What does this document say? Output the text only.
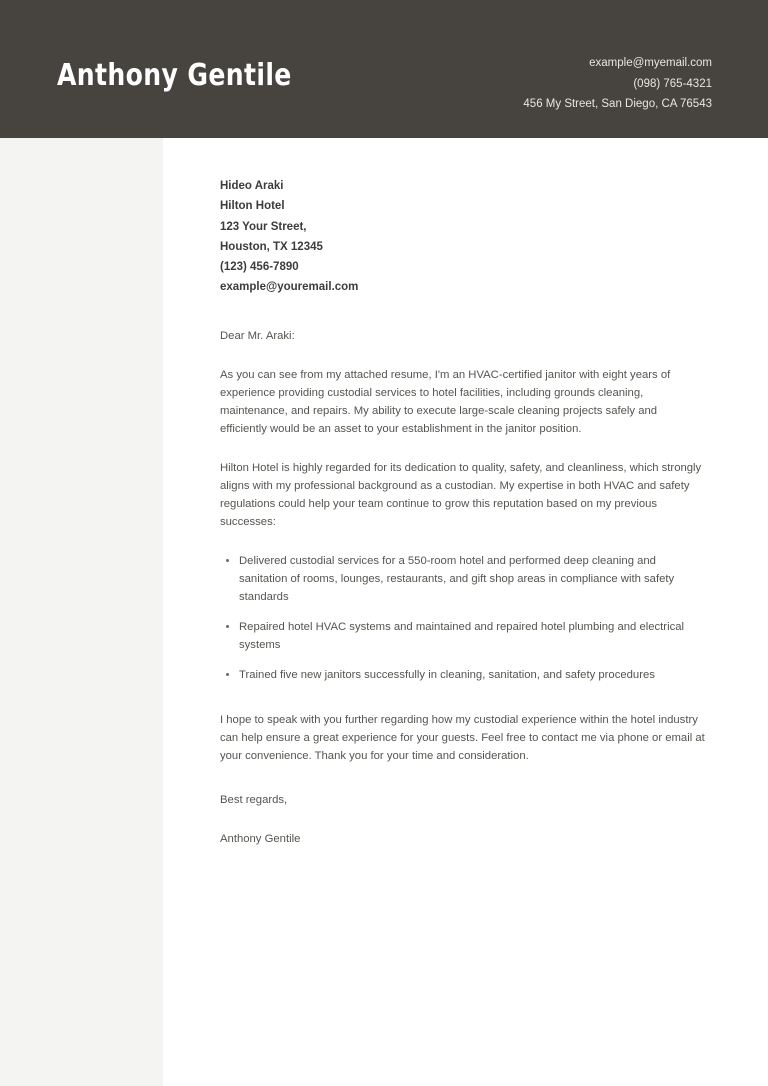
Anthony Gentile	example@myemail.com
(098) 765-4321
456 My Street, San Diego, CA 76543
Hideo Araki
Hilton Hotel
123 Your Street,
Houston, TX 12345
(123) 456-7890
example@youremail.com
Dear Mr. Araki:
As you can see from my attached resume, I'm an HVAC-certified janitor with eight years of experience providing custodial services to hotel facilities, including grounds cleaning, maintenance, and repairs. My ability to execute large-scale cleaning projects safely and efficiently would be an asset to your establishment in the janitor position.
Hilton Hotel is highly regarded for its dedication to quality, safety, and cleanliness, which strongly aligns with my professional background as a custodian. My expertise in both HVAC and safety regulations could help your team continue to grow this reputation based on my previous successes:
Delivered custodial services for a 550-room hotel and performed deep cleaning and sanitation of rooms, lounges, restaurants, and gift shop areas in compliance with safety standards
Repaired hotel HVAC systems and maintained and repaired hotel plumbing and electrical systems
Trained five new janitors successfully in cleaning, sanitation, and safety procedures
I hope to speak with you further regarding how my custodial experience within the hotel industry can help ensure a great experience for your guests. Feel free to contact me via phone or email at your convenience. Thank you for your time and consideration.
Best regards,
Anthony Gentile
